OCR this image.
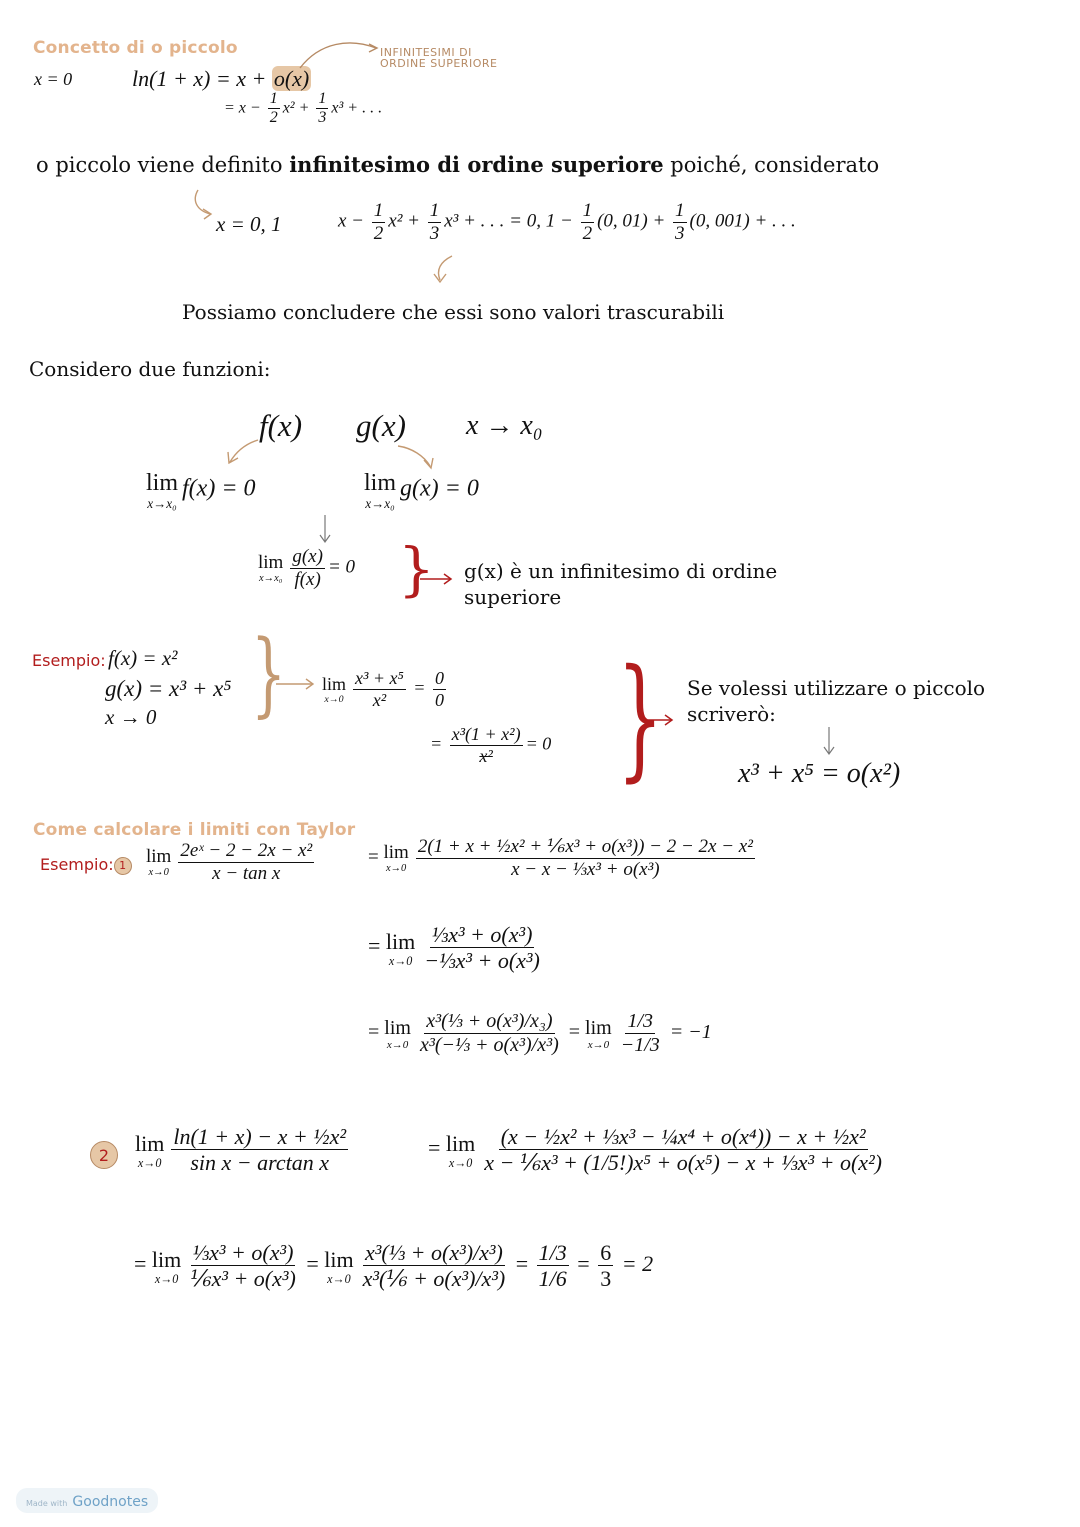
Concetto di o piccolo	INFINITESIMI DI
ORDINE SUPERIORE
x = 0	ln(1 + x) = x + o(x)
= $x - \frac{1}{2} x^2 + \frac{1}{3} x^3$ + . . .
o piccolo viene definito infinitesimo di ordine superiore poiché, considerato
x = 0, 1	$x - \frac{1}{2} x^2 + \frac{1}{3} x^3$ + . . . = 0, $1 - \frac{1}{2} (0$, $01) + \frac{1}{3} (0$, 001) + . . .
Possiamo concludere che essi sono valori trascurabili
Considero due funzioni:
f(x) g(x) x → x₀
lim
x→x₀
f(x) = 0	lim
x→x₀
g(x) = 0
lim
$x\to x_0 \frac{g(x)}{f(x)} = 0$ } g(x) è un infinitesimo di ordine
superiore
Esempio: f(x) = x²
g(x) = x³ + x⁵
x → 0 } lim
$x\to 0 \frac{\text{x³ + x⁵}}{\text{x²}} = \frac{0}{0}$
= $\frac{\text{x³(1 + x²)}}{\text{x²}} = 0$ } Se volessi utilizzare o piccolo
scriverò:
x³ + x⁵ = o(x²)
Come calcolare i limiti con Taylor
Esempio: 1 lim
$x\to 0 \frac{\text{2eˣ − 2 − 2x − x²}}{\text{x − tan x}}$	= lim
$x\to 0 \frac{\text{2(1 + x + ½x² + ⅙x³ + o(x³)) − 2 − 2x − x²}}{\text{x − x − ⅓x³ + o(x³)}}$
= lim
$x\to 0 \frac{\text{⅓x³ + o(x³)}}{\text{−⅓x³ + o(x³)}}$
= lim
$x\to 0 \frac{\text{x³(⅓ + o(x³)/x₃)}}{\text{x³(−⅓ + o(x³)/x³)}} = \lim$
$x\to 0 \frac{1/3}{-1/3} = -1$
2	lim
$x\to 0 \frac{\text{ln(1 + x) − x + ½x²}}{\text{sin x − arctan x}}$	= lim
$x\to 0 \frac{\text{(x − ½x² + ⅓x³ − ¼x⁴ + o(x⁴)) − x + ½x²}}{\text{x − ⅙x³ + (1/5!)x⁵ + o(x⁵) − x + ⅓x³ + o(x²)}}$
= lim
$x\to 0 \frac{\text{⅓x³ + o(x³)}}{\text{⅙x³ + o(x³)}} = \lim$
$x\to 0 \frac{\text{x³(⅓ + o(x³)/x³)}}{\text{x³(⅙ + o(x³)/x³)}} = \frac{1/3}{1/6} = \frac{6}{3} = 2$
Made with Goodnotes
